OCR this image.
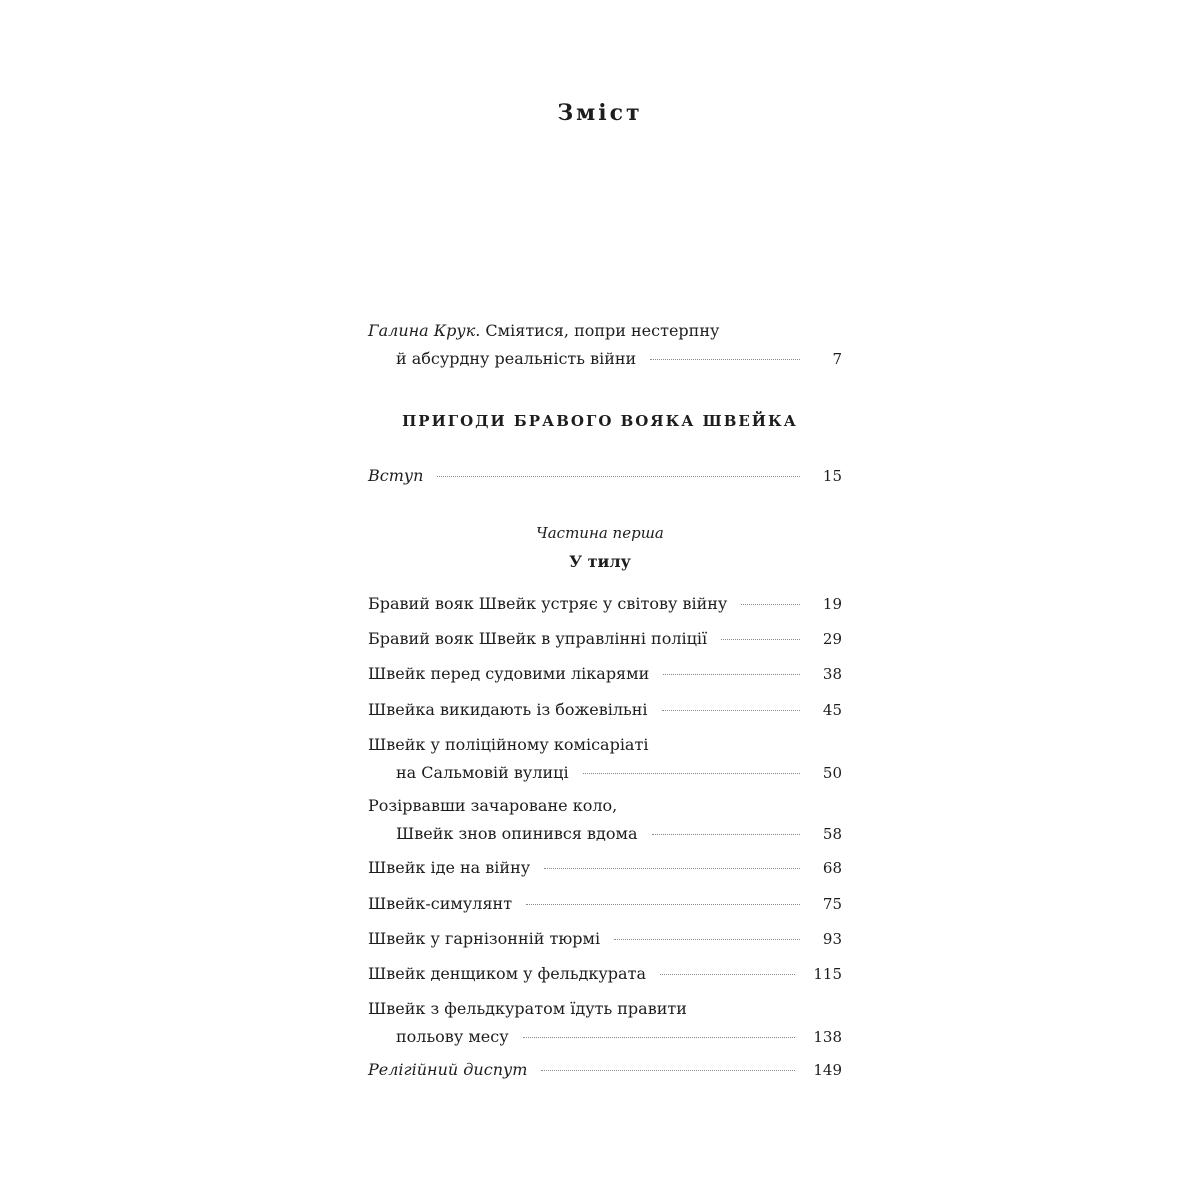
Зміст
Галина Крук . Сміятися, попри нестерпну
й абсурдну реальність війни	7
ПРИГОДИ БРАВОГО ВОЯКА ШВЕЙКА
Вступ	15
Частина перша
У тилу
Бравий вояк Швейк устряє у світову війну	19
Бравий вояк Швейк в управлінні поліції	29
Швейк перед судовими лікарями	38
Швейка викидають із божевільні	45
Швейк у поліційному комісаріаті
на Сальмовій вулиці	50
Розірвавши зачароване коло,
Швейк знов опинився вдома	58
Швейк іде на війну	68
Швейк-симулянт	75
Швейк у гарнізонній тюрмі	93
Швейк денщиком у фельдкурата	115
Швейк з фельдкуратом їдуть правити
польову месу	138
Релігійний диспут	149
